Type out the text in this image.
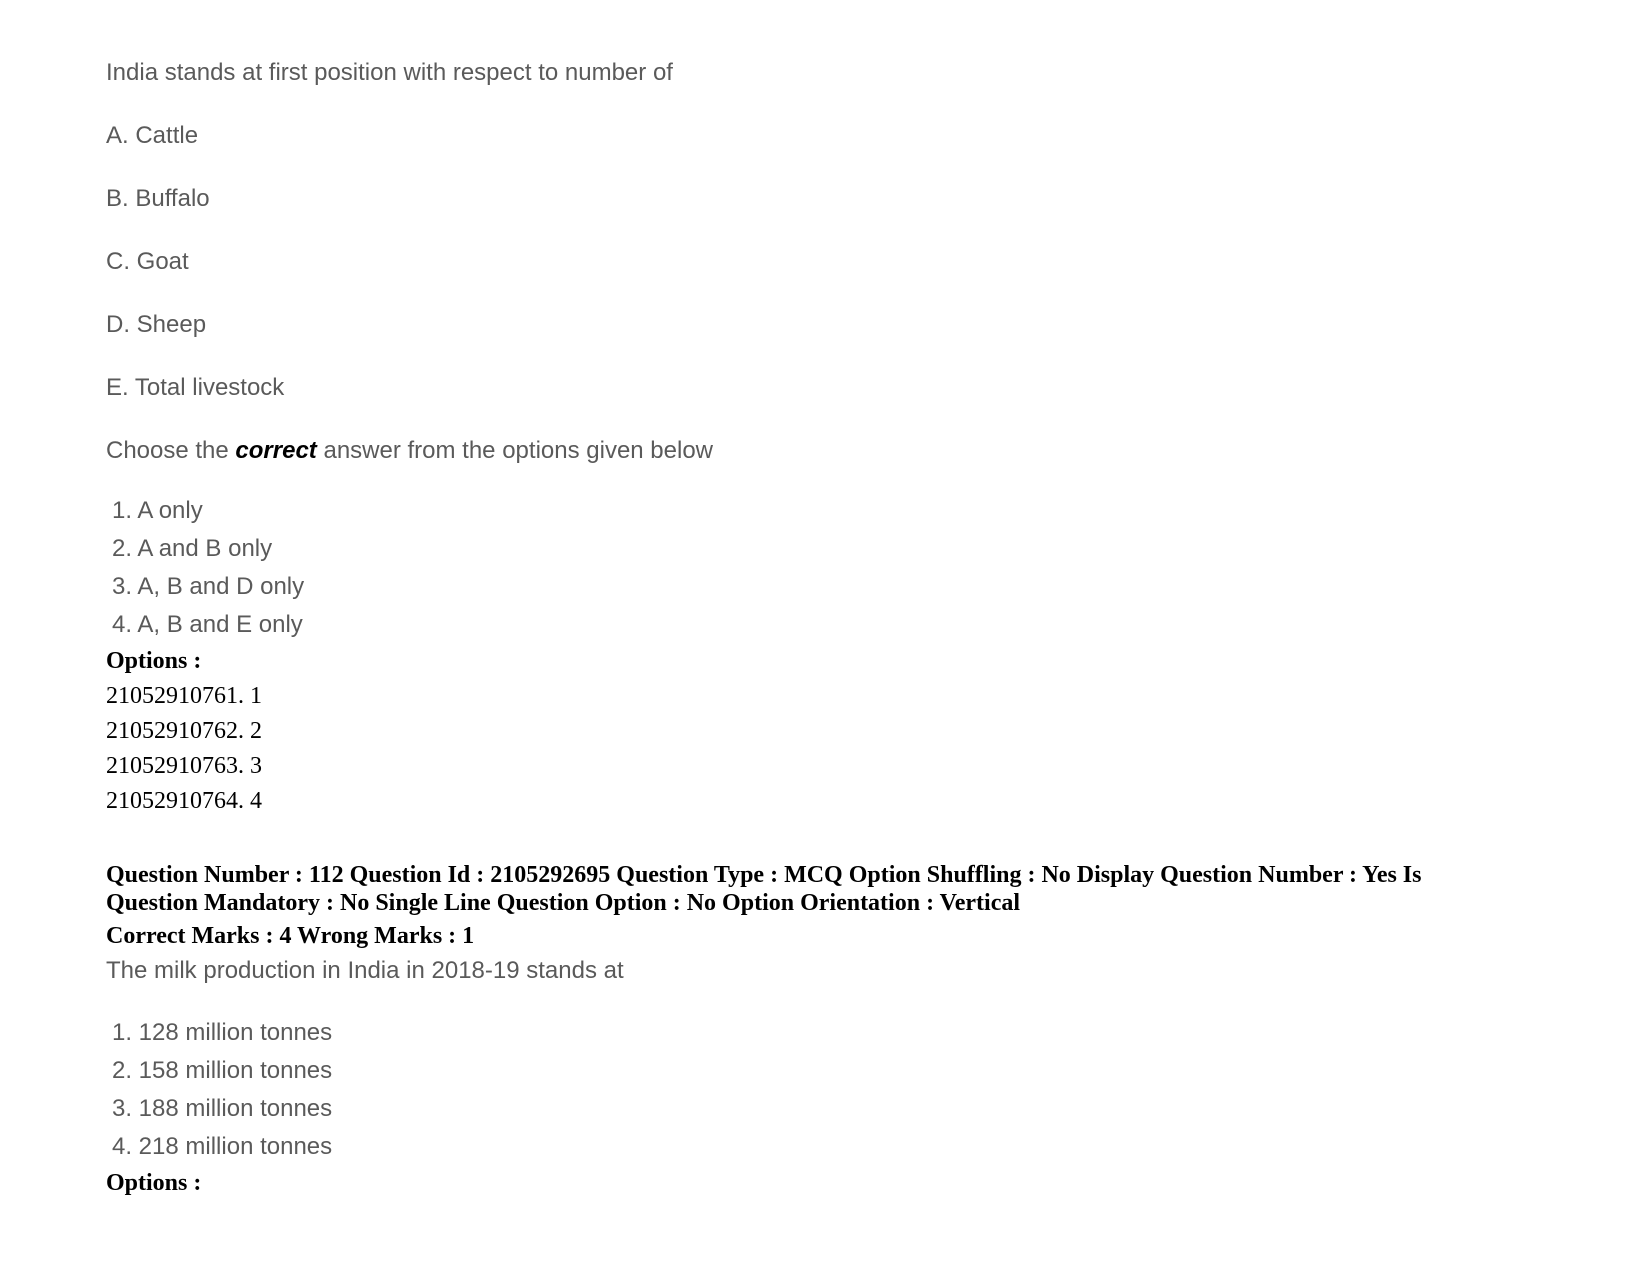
India stands at first position with respect to number of
A. Cattle
B. Buffalo
C. Goat
D. Sheep
E. Total livestock
Choose the correct answer from the options given below
1. A only
2. A and B only
3. A, B and D only
4. A, B and E only
Options :
21052910761. 1
21052910762. 2
21052910763. 3
21052910764. 4
Question Number : 112 Question Id : 2105292695 Question Type : MCQ Option Shuffling : No Display Question Number : Yes Is
Question Mandatory : No Single Line Question Option : No Option Orientation : Vertical
Correct Marks : 4 Wrong Marks : 1
The milk production in India in 2018-19 stands at
1. 128 million tonnes
2. 158 million tonnes
3. 188 million tonnes
4. 218 million tonnes
Options :
